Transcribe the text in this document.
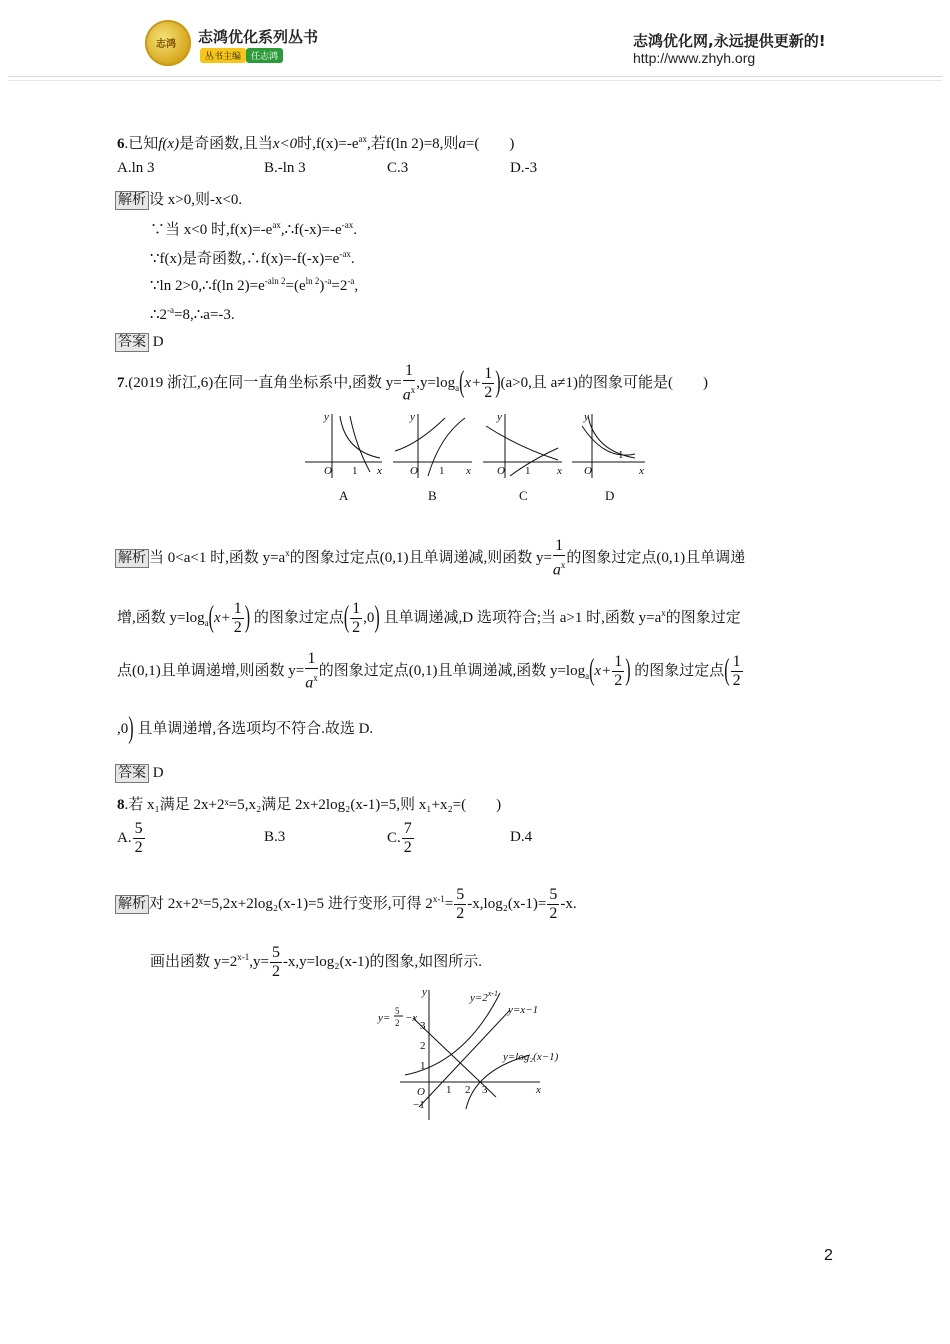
志鸿 志鸿优化系列丛书
丛书主编 任志鸿
志鸿优化网,永远提供更新的!
http://www.zhyh.org
6.已知f(x)是奇函数,且当x<0时$,f(x)=-e^{ax}$,若f(ln 2)=8,则a=(　　)
A.ln 3	B.-ln 3	C.3	D.-3
解析 设 x>0,则-x<0.
∵当 x<0 时$,f(x)=-e^{ax},\therefore f(-x)=-e^{-ax}$.
∵f(x)是奇函数$,\therefore f(x)=-f(-x)=e^{-ax}$.
∵ln 2>0,∴f(ln $2)=e^{-aln 2}=(e^{ln 2})^{-a}=2^{-a}$,
$\therefore 2^{-a}=8,\therefore a=-3$.
答案 D
7.(2019 浙江,6)在同一直角坐标系中,函数 $y= \frac{1}{a^x} ,y=\log_a(x+ \frac{1}{2} )(a>0$,且 a≠1)的图象可能是(　　)
y
x
O 1
y
x
O 1
y
x
O 1
y
x
O
1
A	B	C	D
解析 当 0<a<1 时,函数 $y=a^x$的图象过定点(0,1)且单调递减,则函数 $y= \frac{1}{a^x}$ 的图象过定点(0,1)且单调递
增,函数 $y=\log_a(x+ \frac{1}{2}$ ) 的图象过定点( $\frac{1}{2} ,0$) 且单调递减,D 选项符合;当 a>1 时,函数 $y=a^x$的图象过定
点(0,1)且单调递增,则函数 $y= \frac{1}{a^x}$ 的图象过定点(0,1)且单调递减,函数 $y=\log_a(x+ \frac{1}{2}$ ) 的图象过定点( $\frac{1}{2}$
,0) 且单调递增,各选项均不符合.故选 D.
答案 D
8.若 x₁满足 2x+2ˣ=5,x₂满足 2x+2log₂(x-1)=5,则 x₁+x₂=(　　)
A. $\frac{5}{2}$	B.3	C. $\frac{7}{2}$	D.4
解析 对 2x+2ˣ=5,2x+2log₂(x-1)=5 进行变形,可得 $2^{x-1}= \frac{5}{2} -x,\log_2(x-1)= \frac{5}{2} -x$.
画出函数 $y=2^{x-1},y= \frac{5}{2} -x,y=\log_2(x-1)$的图象,如图所示.
y
x
O 1 2 3
3
2
1
−1
$y=2^{x-1}$
y=x−1
y=log₂(x−1)
y=
5
2 −x
2
